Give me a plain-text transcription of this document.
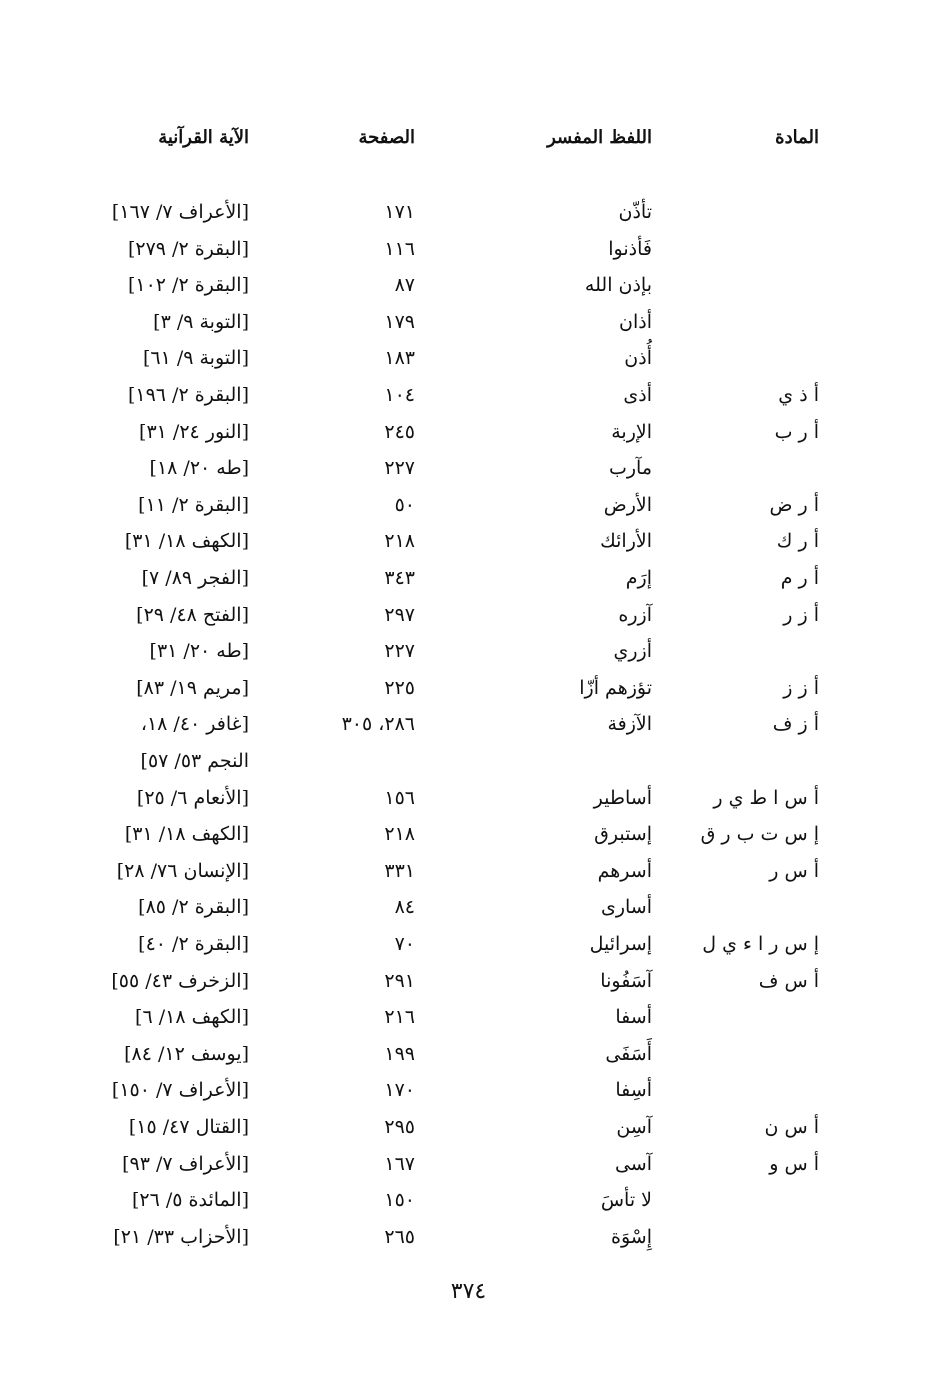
المادة
اللفظ المفسر
الصفحة
الآية القرآنية
تأذّن
١٧١
[الأعراف ٧/ ١٦٧]
فَأذنوا
١١٦
[البقرة ٢/ ٢٧٩]
بإذن الله
٨٧
[البقرة ٢/ ١٠٢]
أذان
١٧٩
[التوبة ٩/ ٣]
أُذن
١٨٣
[التوبة ٩/ ٦١]
أ ذ ي
أذى
١٠٤
[البقرة ٢/ ١٩٦]
أ ر ب
الإربة
٢٤٥
[النور ٢٤/ ٣١]
مآرب
٢٢٧
[طه ٢٠/ ١٨]
أ ر ض
الأرض
٥٠
[البقرة ٢/ ١١]
أ ر ك
الأرائك
٢١٨
[الكهف ١٨/ ٣١]
أ ر م
إرَم
٣٤٣
[الفجر ٨٩/ ٧]
أ ز ر
آزره
٢٩٧
[الفتح ٤٨/ ٢٩]
أزري
٢٢٧
[طه ٢٠/ ٣١]
أ ز ز
تؤزهم أزّا
٢٢٥
[مريم ١٩/ ٨٣]
أ ز ف
الآزفة
٢٨٦، ٣٠٥
[غافر ٤٠/ ١٨،
النجم ٥٣/ ٥٧]
أ س ا ط ي ر
أساطير
١٥٦
[الأنعام ٦/ ٢٥]
إ س ت ب ر ق
إستبرق
٢١٨
[الكهف ١٨/ ٣١]
أ س ر
أسرهم
٣٣١
[الإنسان ٧٦/ ٢٨]
أسارى
٨٤
[البقرة ٢/ ٨٥]
إ س ر ا ء ي ل
إسرائيل
٧٠
[البقرة ٢/ ٤٠]
أ س ف
آسَفُونا
٢٩١
[الزخرف ٤٣/ ٥٥]
أسفا
٢١٦
[الكهف ١٨/ ٦]
أَسَفَى
١٩٩
[يوسف ١٢/ ٨٤]
أسِفا
١٧٠
[الأعراف ٧/ ١٥٠]
أ س ن
آسِن
٢٩٥
[القتال ٤٧/ ١٥]
أ س و
آسى
١٦٧
[الأعراف ٧/ ٩٣]
لا تأسَ
١٥٠
[المائدة ٥/ ٢٦]
إِسْوَة
٢٦٥
[الأحزاب ٣٣/ ٢١]
٣٧٤
